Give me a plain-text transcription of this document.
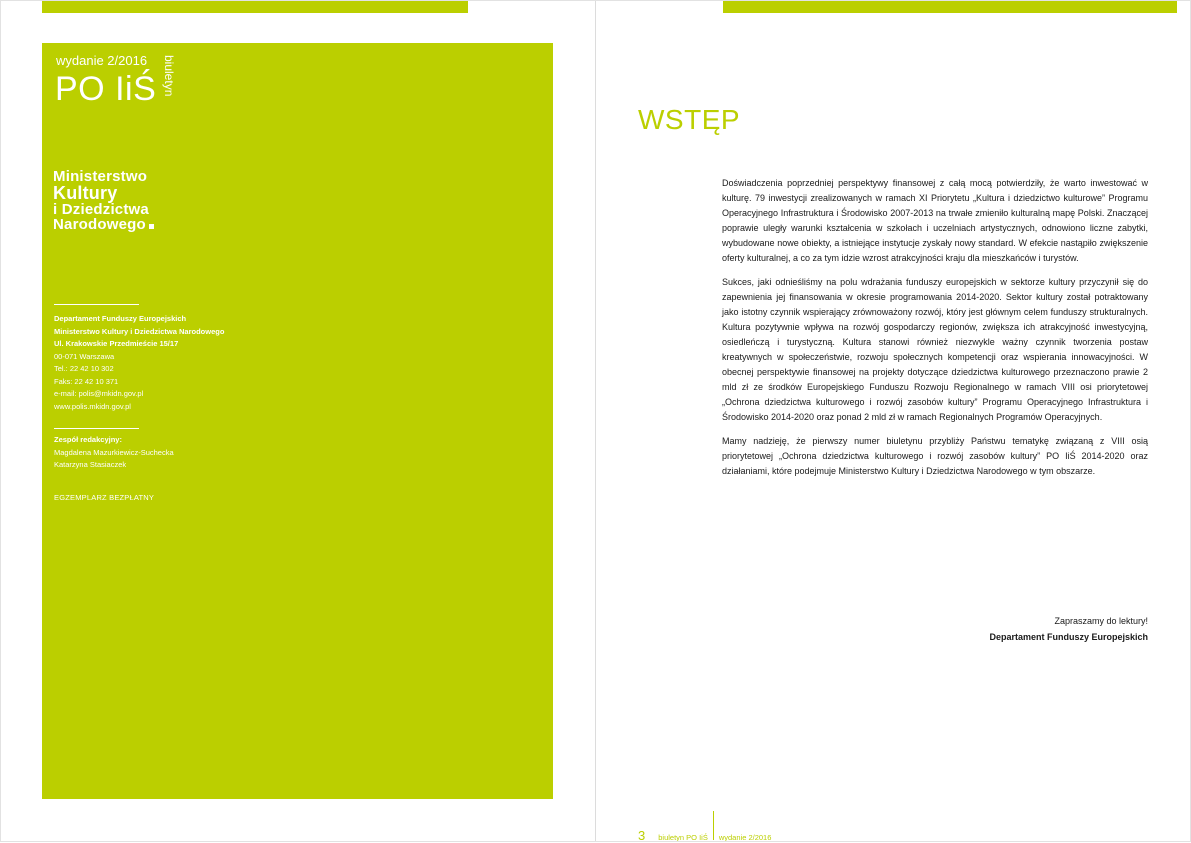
wydanie 2/2016
PO IiŚ biuletyn
Ministerstwo
Kultury
i Dziedzictwa
Narodowego
Departament Funduszy Europejskich
Ministerstwo Kultury i Dziedzictwa Narodowego
Ul. Krakowskie Przedmieście 15/17
00-071 Warszawa
Tel.: 22 42 10 302
Faks: 22 42 10 371
e-mail: polis@mkidn.gov.pl
www.polis.mkidn.gov.pl
Zespół redakcyjny:
Magdalena Mazurkiewicz-Suchecka
Katarzyna Stasiaczek
EGZEMPLARZ BEZPŁATNY
WSTĘP

Doświadczenia poprzedniej perspektywy finansowej z całą mocą potwierdziły, że warto inwestować w kulturę. 79 inwestycji zrealizowanych w ramach XI Priorytetu „Kultura i dziedzictwo kulturowe” Programu Operacyjnego Infrastruktura i Środowisko 2007-2013 na trwałe zmieniło kulturalną mapę Polski. Znaczącej poprawie uległy warunki kształcenia w szkołach i uczelniach artystycznych, odnowiono liczne zabytki, wybudowane nowe obiekty, a istniejące instytucje zyskały nowy standard. W efekcie nastąpiło zwiększenie oferty kulturalnej, a co za tym idzie wzrost atrakcyjności kraju dla mieszkańców i turystów.

Sukces, jaki odnieśliśmy na polu wdrażania funduszy europejskich w sektorze kultury przyczynił się do zapewnienia jej finansowania w okresie programowania 2014-2020. Sektor kultury został potraktowany jako istotny czynnik wspierający zrównoważony rozwój, który jest głównym celem funduszy strukturalnych. Kultura pozytywnie wpływa na rozwój gospodarczy regionów, zwiększa ich atrakcyjność inwestycyjną, osiedleńczą i turystyczną. Kultura stanowi również niezwykle ważny czynnik tworzenia postaw kreatywnych w społeczeństwie, rozwoju społecznych kompetencji oraz wspierania innowacyjności. W obecnej perspektywie finansowej na projekty dotyczące dziedzictwa kulturowego przeznaczono prawie 2 mld zł ze środków Europejskiego Funduszu Rozwoju Regionalnego w ramach VIII osi priorytetowej „Ochrona dziedzictwa kulturowego i rozwój zasobów kultury” Programu Operacyjnego Infrastruktura i Środowisko 2014-2020 oraz ponad 2 mld zł w ramach Regionalnych Programów Operacyjnych.

Mamy nadzieję, że pierwszy numer biuletynu przybliży Państwu tematykę związaną z VIII osią priorytetowej „Ochrona dziedzictwa kulturowego i rozwój zasobów kultury” PO IiŚ 2014-2020 oraz działaniami, które podejmuje Ministerstwo Kultury i Dziedzictwa Narodowego w tym obszarze.

Zapraszamy do lektury!
Departament Funduszy Europejskich
3 biuletyn PO IiŚ wydanie 2/2016
